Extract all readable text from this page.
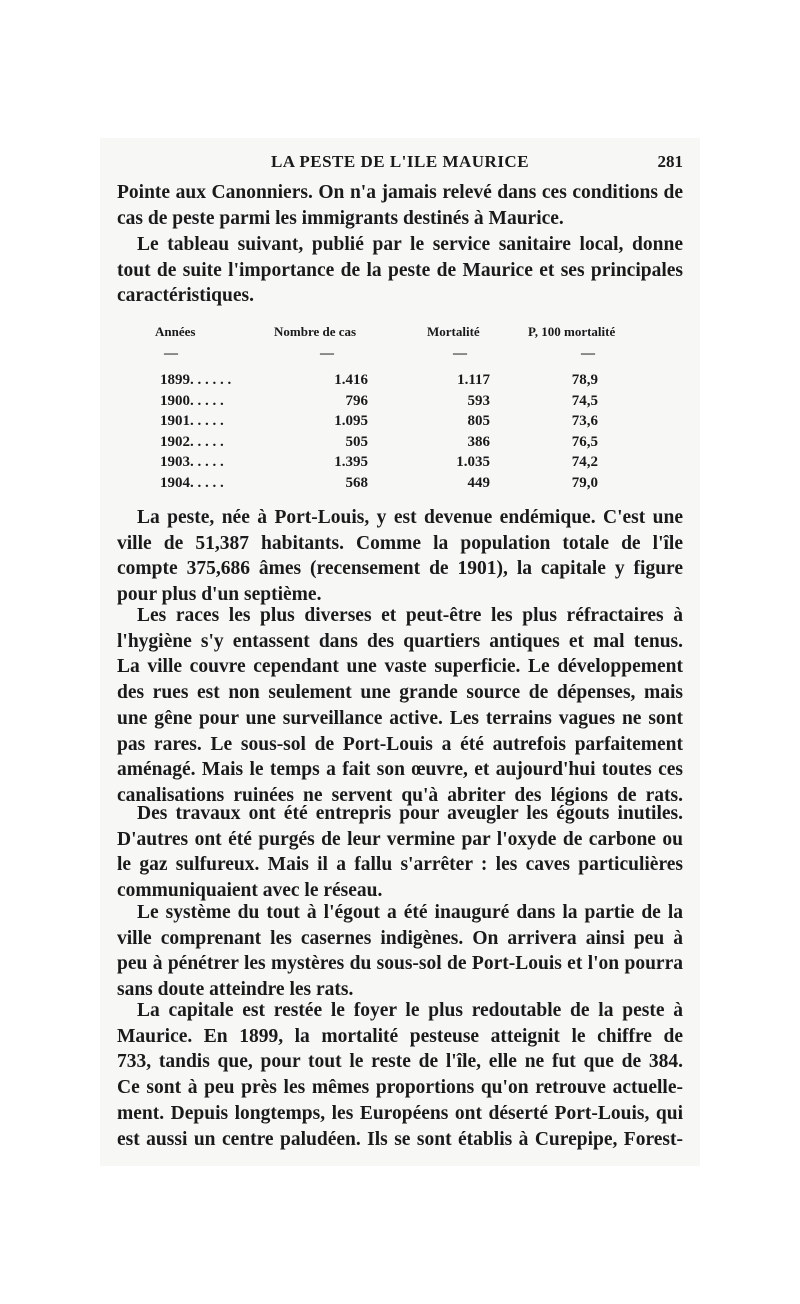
LA PESTE DE L'ILE MAURICE	281
Pointe aux Canonniers. On n'a jamais relevé dans ces conditions de
cas de peste parmi les immigrants destinés à Maurice.
Le tableau suivant, publié par le service sanitaire local, donne
tout de suite l'importance de la peste de Maurice et ses principales
caractéristiques.
Années	Nombre de cas	Mortalité	P, 100 mortalité
—	—	—	—
1899. . . . . .	1.416	1.117	78,9
1900. . . . .	796	593	74,5
1901. . . . .	1.095	805	73,6
1902. . . . .	505	386	76,5
1903. . . . .	1.395	1.035	74,2
1904. . . . .	568	449	79,0
La peste, née à Port-Louis, y est devenue endémique. C'est une
ville de 51,387 habitants. Comme la population totale de l'île
compte 375,686 âmes (recensement de 1901), la capitale y figure
pour plus d'un septième.
Les races les plus diverses et peut-être les plus réfractaires à
l'hygiène s'y entassent dans des quartiers antiques et mal tenus.
La ville couvre cependant une vaste superficie. Le développement
des rues est non seulement une grande source de dépenses, mais
une gêne pour une surveillance active. Les terrains vagues ne sont
pas rares. Le sous-sol de Port-Louis a été autrefois parfaitement
aménagé. Mais le temps a fait son œuvre, et aujourd'hui toutes ces
canalisations ruinées ne servent qu'à abriter des légions de rats.
Des travaux ont été entrepris pour aveugler les égouts inutiles.
D'autres ont été purgés de leur vermine par l'oxyde de carbone ou
le gaz sulfureux. Mais il a fallu s'arrêter : les caves particulières
communiquaient avec le réseau.
Le système du tout à l'égout a été inauguré dans la partie de la
ville comprenant les casernes indigènes. On arrivera ainsi peu à
peu à pénétrer les mystères du sous-sol de Port-Louis et l'on pourra
sans doute atteindre les rats.
La capitale est restée le foyer le plus redoutable de la peste à
Maurice. En 1899, la mortalité pesteuse atteignit le chiffre de
733, tandis que, pour tout le reste de l'île, elle ne fut que de 384.
Ce sont à peu près les mêmes proportions qu'on retrouve actuelle-
ment. Depuis longtemps, les Européens ont déserté Port-Louis, qui
est aussi un centre paludéen. Ils se sont établis à Curepipe, Forest-
